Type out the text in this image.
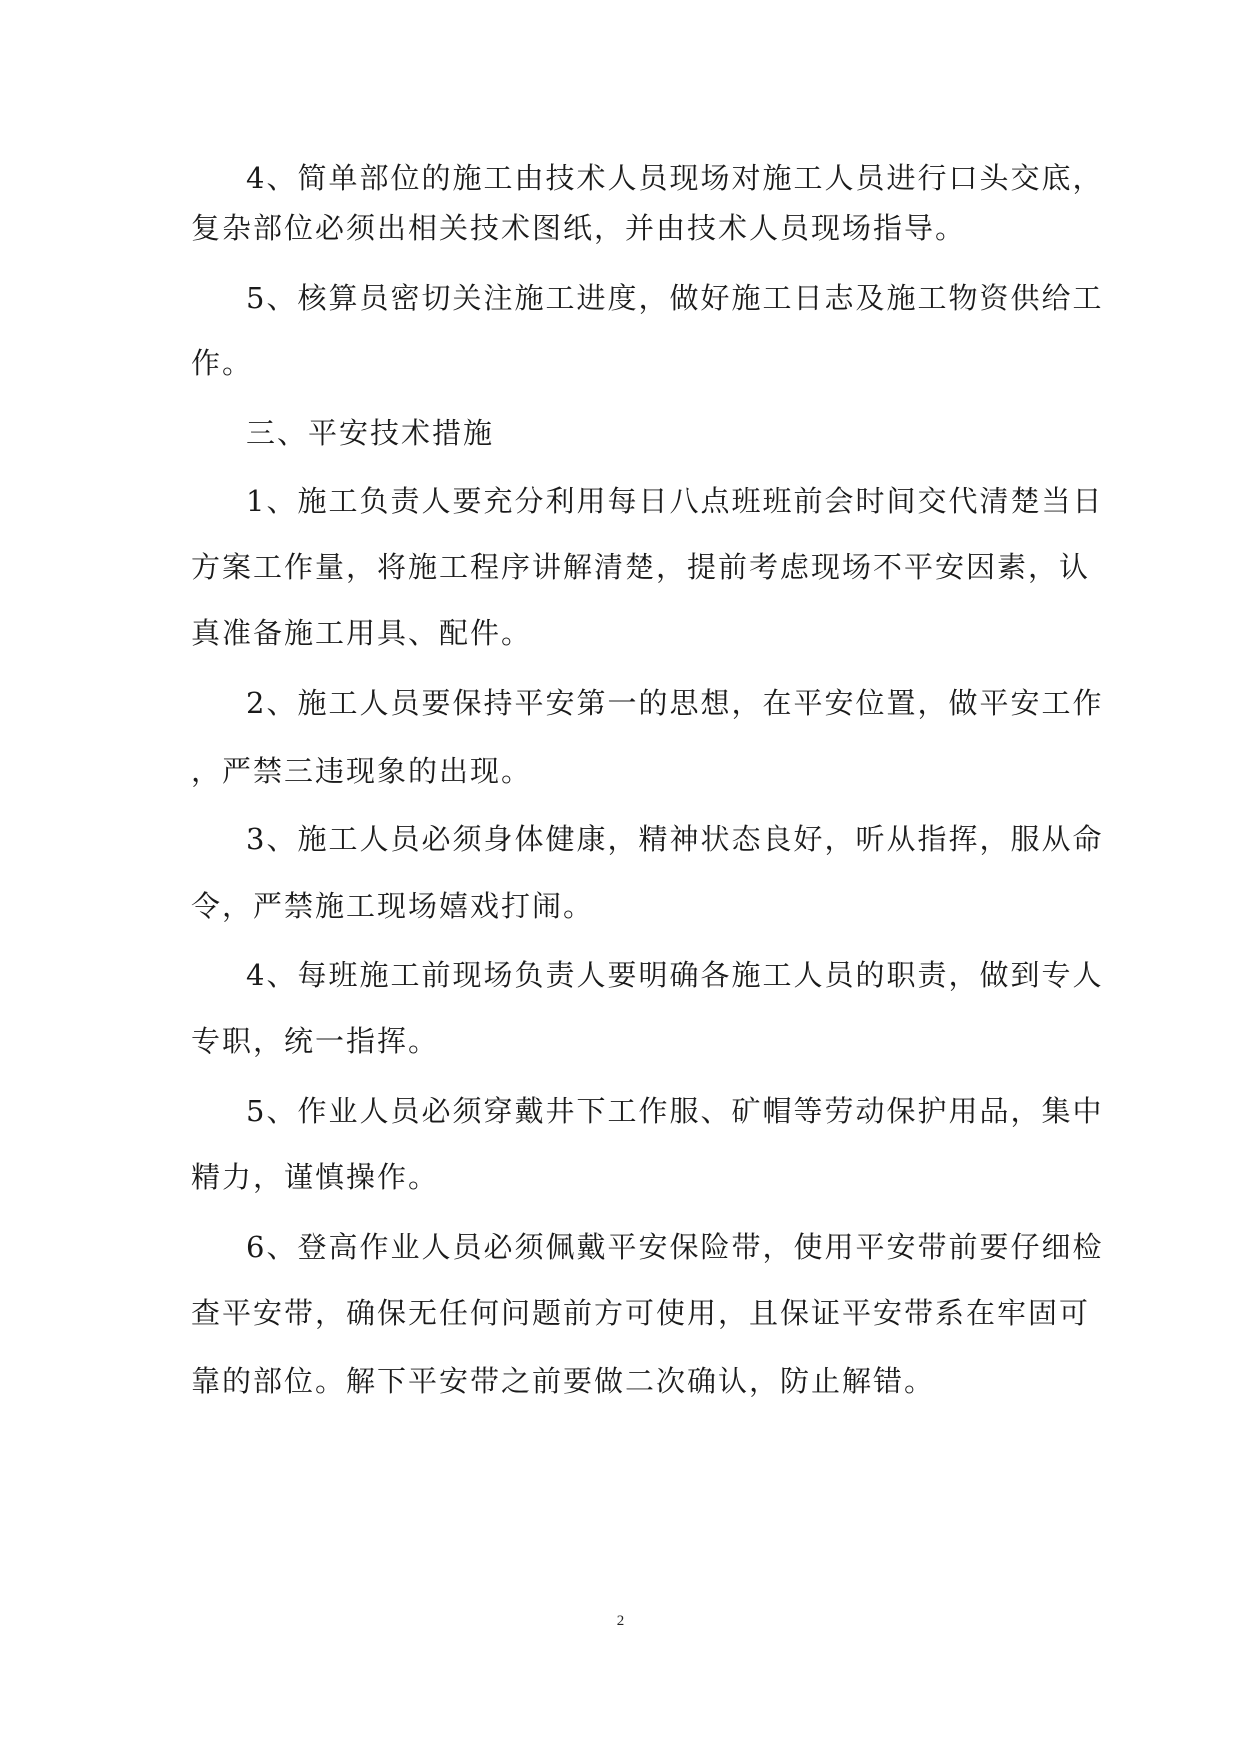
4、简单部位的施工由技术人员现场对施工人员进行口头交底，
复杂部位必须出相关技术图纸，并由技术人员现场指导。
5、核算员密切关注施工进度，做好施工日志及施工物资供给工
作。
三、平安技术措施
1、施工负责人要充分利用每日八点班班前会时间交代清楚当日
方案工作量，将施工程序讲解清楚，提前考虑现场不平安因素，认
真准备施工用具、配件。
2、施工人员要保持平安第一的思想，在平安位置，做平安工作
，严禁三违现象的出现。
3、施工人员必须身体健康，精神状态良好，听从指挥，服从命
令，严禁施工现场嬉戏打闹。
4、每班施工前现场负责人要明确各施工人员的职责，做到专人
专职，统一指挥。
5、作业人员必须穿戴井下工作服、矿帽等劳动保护用品，集中
精力，谨慎操作。
6、登高作业人员必须佩戴平安保险带，使用平安带前要仔细检
查平安带，确保无任何问题前方可使用，且保证平安带系在牢固可
靠的部位。解下平安带之前要做二次确认，防止解错。
2
